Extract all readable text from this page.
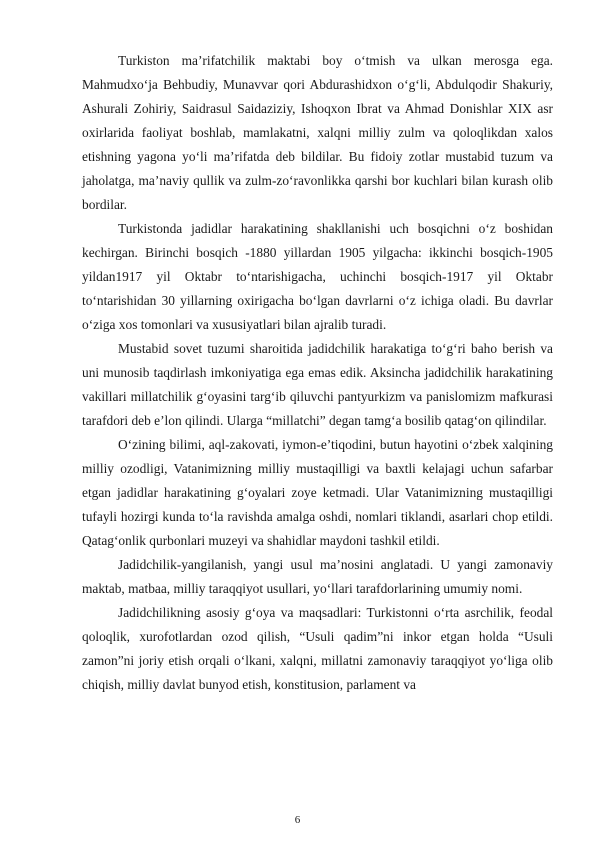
Turkiston ma’rifatchilik maktabi boy o‘tmish va ulkan merosga ega. Mahmudxo‘ja Behbudiy, Munavvar qori Abdurashidxon o‘g‘li, Abdulqodir Shakuriy, Ashurali Zohiriy, Saidrasul Saidaziziy, Ishoqxon Ibrat va Ahmad Donishlar XIX asr oxirlarida faoliyat boshlab, mamlakatni, xalqni milliy zulm va qoloqlikdan xalos etishning yagona yo‘li ma’rifatda deb bildilar. Bu fidoiy zotlar mustabid tuzum va jaholatga, ma’naviy qullik va zulm-zo‘ravonlikka qarshi bor kuchlari bilan kurash olib bordilar.

Turkistonda jadidlar harakatining shakllanishi uch bosqichni o‘z boshidan kechirgan. Birinchi bosqich -1880 yillardan 1905 yilgacha: ikkinchi bosqich-1905 yildan1917 yil Oktabr to‘ntarishigacha, uchinchi bosqich-1917 yil Oktabr to‘ntarishidan 30 yillarning oxirigacha bo‘lgan davrlarni o‘z ichiga oladi. Bu davrlar o‘ziga xos tomonlari va xususiyatlari bilan ajralib turadi.

Mustabid sovet tuzumi sharoitida jadidchilik harakatiga to‘g‘ri baho berish va uni munosib taqdirlash imkoniyatiga ega emas edik. Aksincha jadidchilik harakatining vakillari millatchilik g‘oyasini targ‘ib qiluvchi pantyurkizm va panislomizm mafkurasi tarafdori deb e’lon qilindi. Ularga “millatchi” degan tamg‘a bosilib qatag‘on qilindilar.

O‘zining bilimi, aql-zakovati, iymon-e’tiqodini, butun hayotini o‘zbek xalqining milliy ozodligi, Vatanimizning milliy mustaqilligi va baxtli kelajagi uchun safarbar etgan jadidlar harakatining g‘oyalari zoye ketmadi. Ular Vatanimizning mustaqilligi tufayli hozirgi kunda to‘la ravishda amalga oshdi, nomlari tiklandi, asarlari chop etildi. Qatag‘onlik qurbonlari muzeyi va shahidlar maydoni tashkil etildi.

Jadidchilik-yangilanish, yangi usul ma’nosini anglatadi. U yangi zamonaviy maktab, matbaa, milliy taraqqiyot usullari, yo‘llari tarafdorlarining umumiy nomi.

Jadidchilikning asosiy g‘oya va maqsadlari: Turkistonni o‘rta asrchilik, feodal qoloqlik, xurofotlardan ozod qilish, “Usuli qadim”ni inkor etgan holda “Usuli zamon”ni joriy etish orqali o‘lkani, xalqni, millatni zamonaviy taraqqiyot yo‘liga olib chiqish, milliy davlat bunyod etish, konstitusion, parlament va

6
